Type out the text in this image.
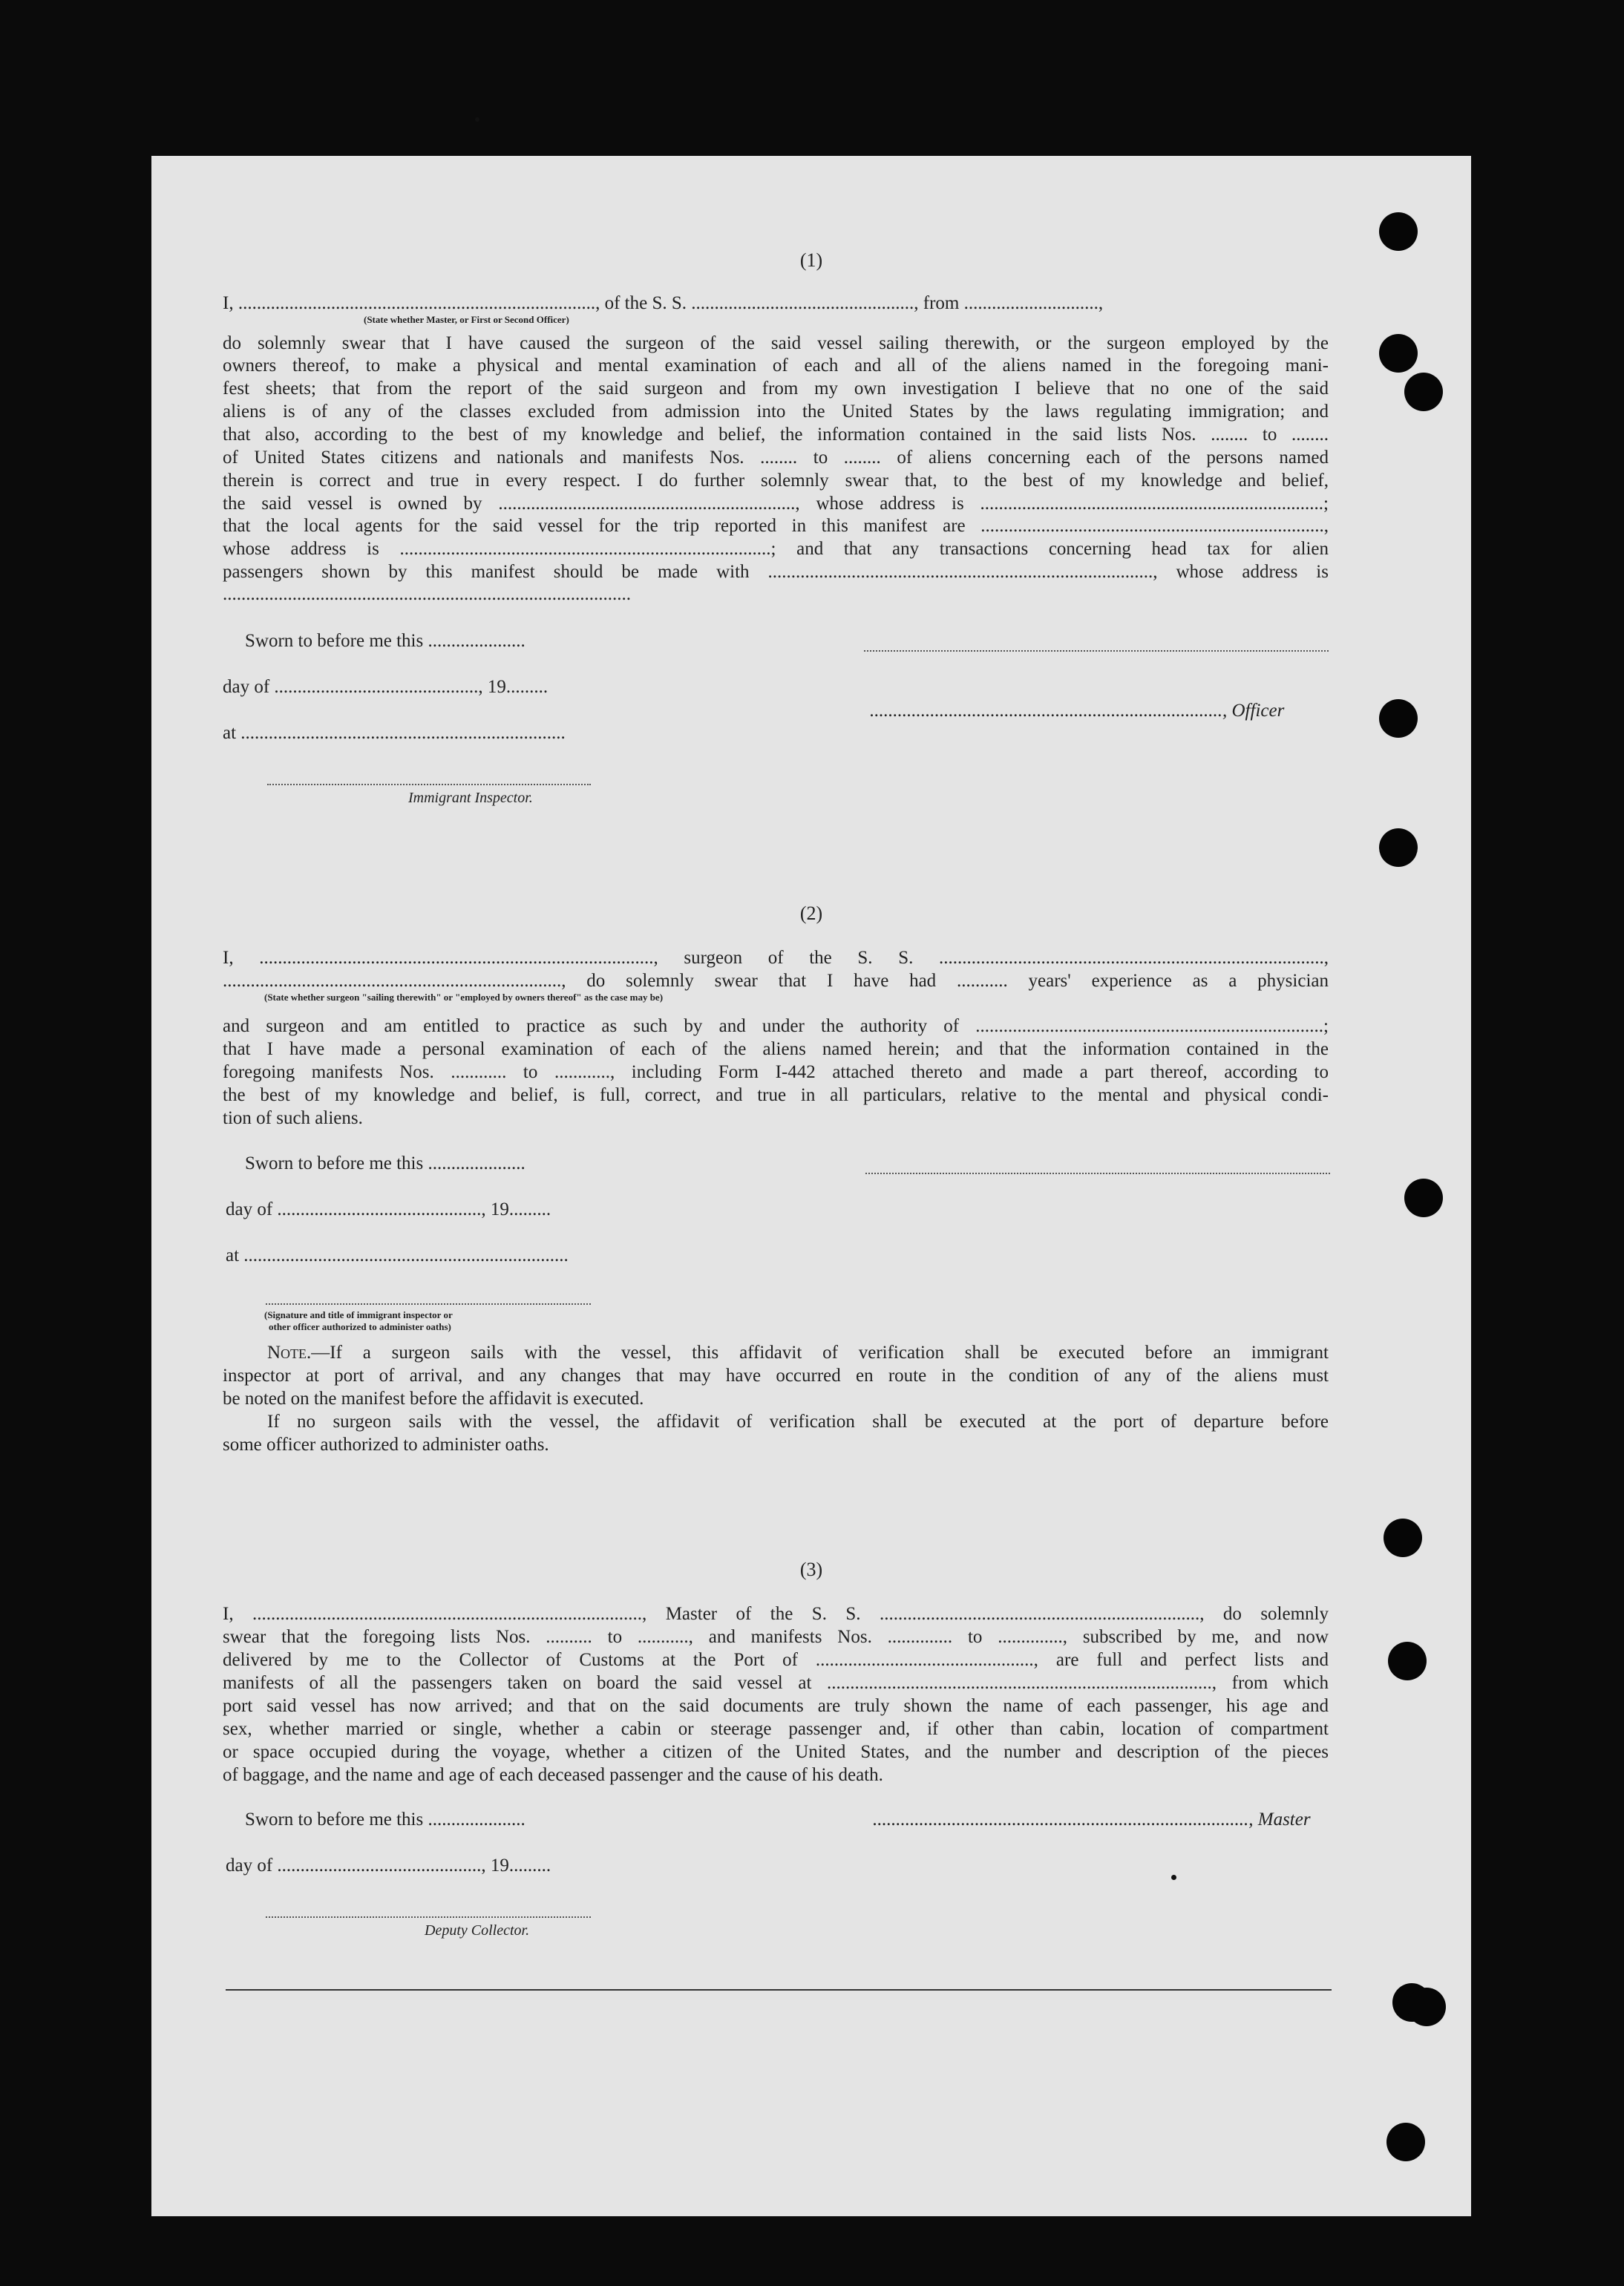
(1)
I, ............................................................................., of the S. S. ................................................, from .............................,
(State whether Master, or First or Second Officer)
do solemnly swear that I have caused the surgeon of the said vessel sailing therewith, or the surgeon employed by the
owners thereof, to make a physical and mental examination of each and all of the aliens named in the foregoing mani-
fest sheets; that from the report of the said surgeon and from my own investigation I believe that no one of the said
aliens is of any of the classes excluded from admission into the United States by the laws regulating immigration; and
that also, according to the best of my knowledge and belief, the information contained in the said lists Nos. ........ to ........
of United States citizens and nationals and manifests Nos. ........ to ........ of aliens concerning each of the persons named
therein is correct and true in every respect. I do further solemnly swear that, to the best of my knowledge and belief,
the said vessel is owned by ................................................................, whose address is ..........................................................................;
that the local agents for the said vessel for the trip reported in this manifest are ..........................................................................,
whose address is ................................................................................; and that any transactions concerning head tax for alien
passengers shown by this manifest should be made with ..................................................................................., whose address is
........................................................................................
Sworn to before me this .....................
day of ............................................, 19.........
............................................................................, Officer
at ......................................................................
Immigrant Inspector.
(2)
I, ....................................................................................., surgeon of the S. S. ...................................................................................,
........................................................................., do solemnly swear that I have had ........... years' experience as a physician
(State whether surgeon "sailing therewith" or "employed by owners thereof" as the case may be)
and surgeon and am entitled to practice as such by and under the authority of ...........................................................................;
that I have made a personal examination of each of the aliens named herein; and that the information contained in the
foregoing manifests Nos. ............ to ............, including Form I-442 attached thereto and made a part thereof, according to
the best of my knowledge and belief, is full, correct, and true in all particulars, relative to the mental and physical condi-
tion of such aliens.
Sworn to before me this .....................
day of ............................................, 19.........
at ......................................................................
(Signature and title of immigrant inspector or
other officer authorized to administer oaths)
Note.—If a surgeon sails with the vessel, this affidavit of verification shall be executed before an immigrant
inspector at port of arrival, and any changes that may have occurred en route in the condition of any of the aliens must
be noted on the manifest before the affidavit is executed.
If no surgeon sails with the vessel, the affidavit of verification shall be executed at the port of departure before
some officer authorized to administer oaths.
(3)
I, ...................................................................................., Master of the S. S. ....................................................................., do solemnly
swear that the foregoing lists Nos. .......... to ..........., and manifests Nos. .............. to .............., subscribed by me, and now
delivered by me to the Collector of Customs at the Port of ..............................................., are full and perfect lists and
manifests of all the passengers taken on board the said vessel at ..................................................................................., from which
port said vessel has now arrived; and that on the said documents are truly shown the name of each passenger, his age and
sex, whether married or single, whether a cabin or steerage passenger and, if other than cabin, location of compartment
or space occupied during the voyage, whether a citizen of the United States, and the number and description of the pieces
of baggage, and the name and age of each deceased passenger and the cause of his death.
Sworn to before me this .....................	................................................................................., Master
day of ............................................, 19.........
Deputy Collector.
